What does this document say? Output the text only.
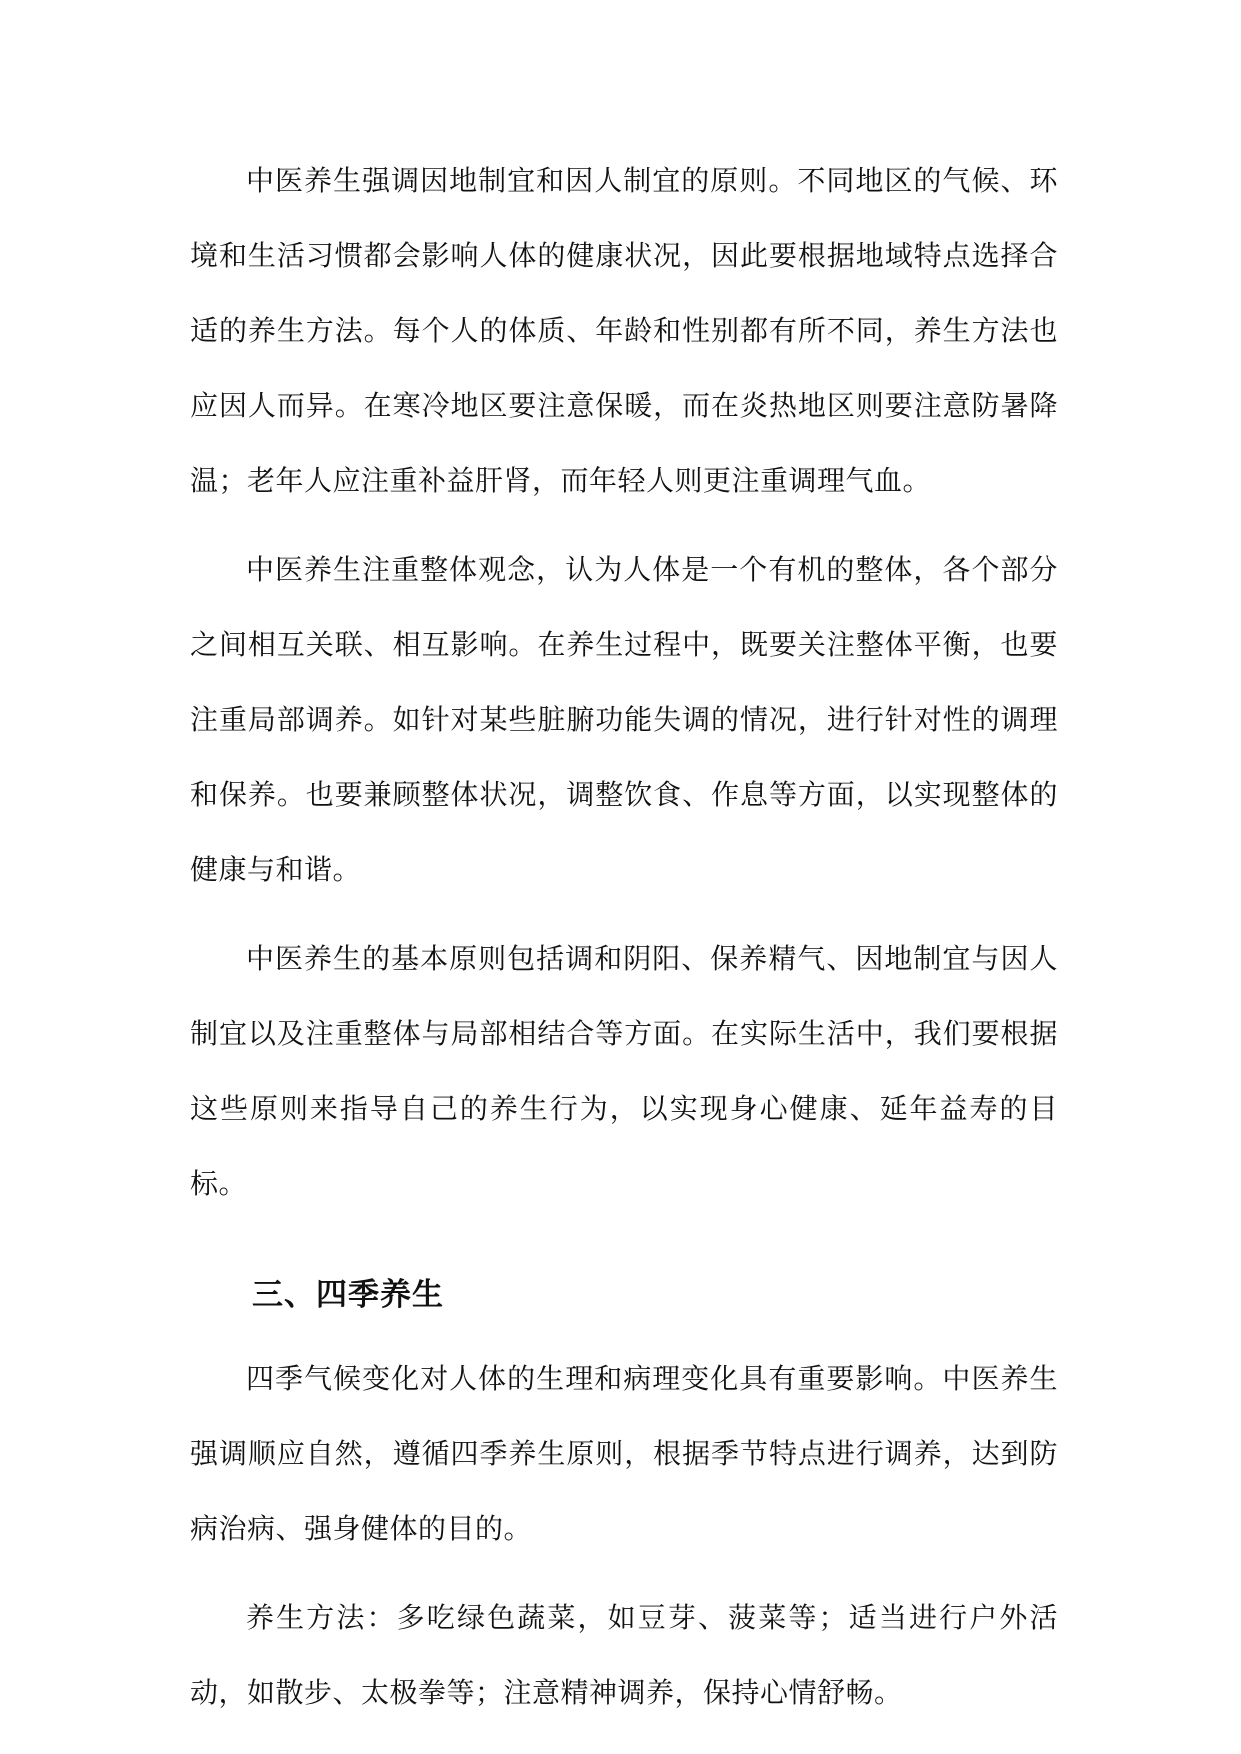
中医养生强调因地制宜和因人制宜的原则。不同地区的气候、环境和生活习惯都会影响人体的健康状况，因此要根据地域特点选择合适的养生方法。每个人的体质、年龄和性别都有所不同，养生方法也应因人而异。在寒冷地区要注意保暖，而在炎热地区则要注意防暑降温；老年人应注重补益肝肾，而年轻人则更注重调理气血。

中医养生注重整体观念，认为人体是一个有机的整体，各个部分之间相互关联、相互影响。在养生过程中，既要关注整体平衡，也要注重局部调养。如针对某些脏腑功能失调的情况，进行针对性的调理和保养。也要兼顾整体状况，调整饮食、作息等方面，以实现整体的健康与和谐。

中医养生的基本原则包括调和阴阳、保养精气、因地制宜与因人制宜以及注重整体与局部相结合等方面。在实际生活中，我们要根据这些原则来指导自己的养生行为，以实现身心健康、延年益寿的目标。

三、四季养生

四季气候变化对人体的生理和病理变化具有重要影响。中医养生强调顺应自然，遵循四季养生原则，根据季节特点进行调养，达到防病治病、强身健体的目的。

养生方法：多吃绿色蔬菜，如豆芽、菠菜等；适当进行户外活动，如散步、太极拳等；注意精神调养，保持心情舒畅。
